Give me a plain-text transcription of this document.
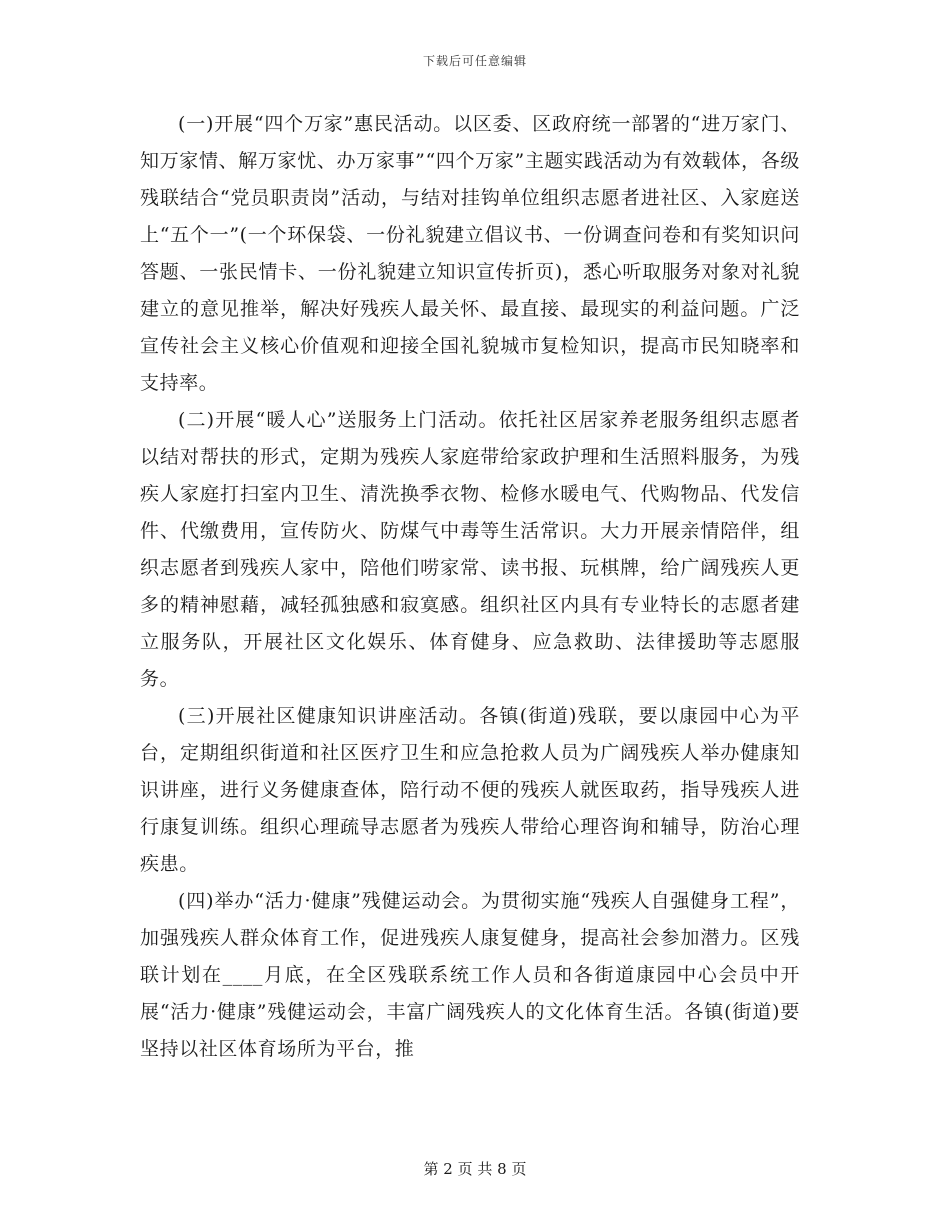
下载后可任意编辑

(一)开展“四个万家”惠民活动。以区委、区政府统一部署的“进万家门、知万家情、解万家忧、办万家事”“四个万家”主题实践活动为有效载体，各级残联结合“党员职责岗”活动，与结对挂钩单位组织志愿者进社区、入家庭送上“五个一”(一个环保袋、一份礼貌建立倡议书、一份调查问卷和有奖知识问答题、一张民情卡、一份礼貌建立知识宣传折页)，悉心听取服务对象对礼貌建立的意见推举，解决好残疾人最关怀、最直接、最现实的利益问题。广泛宣传社会主义核心价值观和迎接全国礼貌城市复检知识，提高市民知晓率和支持率。

(二)开展“暖人心”送服务上门活动。依托社区居家养老服务组织志愿者以结对帮扶的形式，定期为残疾人家庭带给家政护理和生活照料服务，为残疾人家庭打扫室内卫生、清洗换季衣物、检修水暖电气、代购物品、代发信件、代缴费用，宣传防火、防煤气中毒等生活常识。大力开展亲情陪伴，组织志愿者到残疾人家中，陪他们唠家常、读书报、玩棋牌，给广阔残疾人更多的精神慰藉，减轻孤独感和寂寞感。组织社区内具有专业特长的志愿者建立服务队，开展社区文化娱乐、体育健身、应急救助、法律援助等志愿服务。

(三)开展社区健康知识讲座活动。各镇(街道)残联，要以康园中心为平台，定期组织街道和社区医疗卫生和应急抢救人员为广阔残疾人举办健康知识讲座，进行义务健康查体，陪行动不便的残疾人就医取药，指导残疾人进行康复训练。组织心理疏导志愿者为残疾人带给心理咨询和辅导，防治心理疾患。

(四)举办“活力·健康”残健运动会。为贯彻实施“残疾人自强健身工程”，加强残疾人群众体育工作，促进残疾人康复健身，提高社会参加潜力。区残联计划在____月底，在全区残联系统工作人员和各街道康园中心会员中开展“活力·健康”残健运动会，丰富广阔残疾人的文化体育生活。各镇(街道)要坚持以社区体育场所为平台，推

第 2 页 共 8 页
